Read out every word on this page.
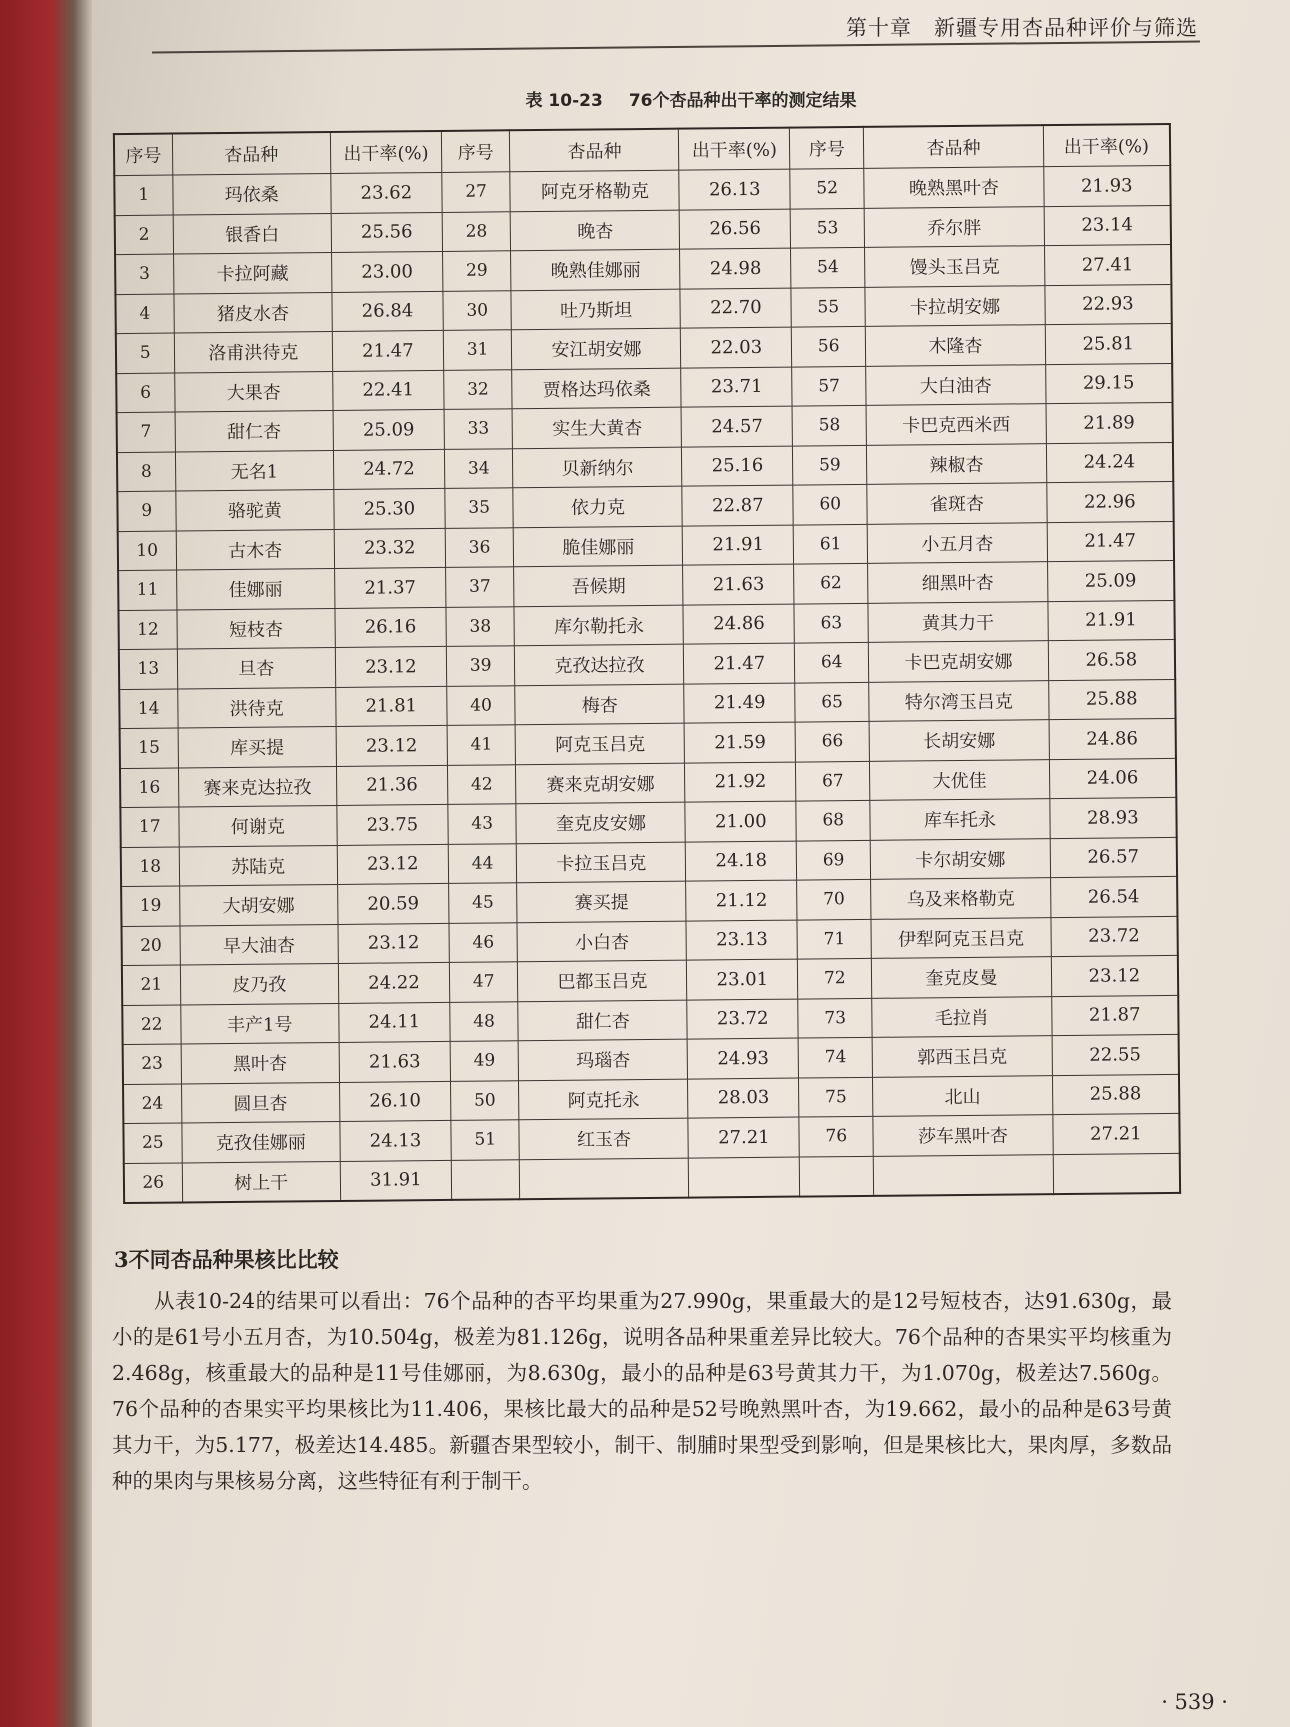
第十章　新疆专用杏品种评价与筛选
表 10-23 76个杏品种出干率的测定结果
序号	杏品种	出干率(%)	序号	杏品种	出干率(%)	序号	杏品种	出干率(%)
1	玛依桑	23.62	27	阿克牙格勒克	26.13	52	晚熟黑叶杏	21.93
2	银香白	25.56	28	晚杏	26.56	53	乔尔胖	23.14
3	卡拉阿藏	23.00	29	晚熟佳娜丽	24.98	54	馒头玉吕克	27.41
4	猪皮水杏	26.84	30	吐乃斯坦	22.70	55	卡拉胡安娜	22.93
5	洛甫洪待克	21.47	31	安江胡安娜	22.03	56	木隆杏	25.81
6	大果杏	22.41	32	贾格达玛依桑	23.71	57	大白油杏	29.15
7	甜仁杏	25.09	33	实生大黄杏	24.57	58	卡巴克西米西	21.89
8	无名1	24.72	34	贝新纳尔	25.16	59	辣椒杏	24.24
9	骆驼黄	25.30	35	依力克	22.87	60	雀斑杏	22.96
10	古木杏	23.32	36	脆佳娜丽	21.91	61	小五月杏	21.47
11	佳娜丽	21.37	37	吾候期	21.63	62	细黑叶杏	25.09
12	短枝杏	26.16	38	库尔勒托永	24.86	63	黄其力干	21.91
13	旦杏	23.12	39	克孜达拉孜	21.47	64	卡巴克胡安娜	26.58
14	洪待克	21.81	40	梅杏	21.49	65	特尔湾玉吕克	25.88
15	库买提	23.12	41	阿克玉吕克	21.59	66	长胡安娜	24.86
16	赛来克达拉孜	21.36	42	赛来克胡安娜	21.92	67	大优佳	24.06
17	何谢克	23.75	43	奎克皮安娜	21.00	68	库车托永	28.93
18	苏陆克	23.12	44	卡拉玉吕克	24.18	69	卡尔胡安娜	26.57
19	大胡安娜	20.59	45	赛买提	21.12	70	乌及来格勒克	26.54
20	早大油杏	23.12	46	小白杏	23.13	71	伊犁阿克玉吕克	23.72
21	皮乃孜	24.22	47	巴都玉吕克	23.01	72	奎克皮曼	23.12
22	丰产1号	24.11	48	甜仁杏	23.72	73	毛拉肖	21.87
23	黑叶杏	21.63	49	玛瑙杏	24.93	74	郭西玉吕克	22.55
24	圆旦杏	26.10	50	阿克托永	28.03	75	北山	25.88
25	克孜佳娜丽	24.13	51	红玉杏	27.21	76	莎车黑叶杏	27.21
26	树上干	31.91						
3不同杏品种果核比比较

从表10-24的结果可以看出：76个品种的杏平均果重为27.990g，果重最大的是12号短枝杏，达91.630g，最小的是61号小五月杏，为10.504g，极差为81.126g，说明各品种果重差异比较大。76个品种的杏果实平均核重为2.468g，核重最大的品种是11号佳娜丽，为8.630g，最小的品种是63号黄其力干，为1.070g，极差达7.560g。76个品种的杏果实平均果核比为11.406，果核比最大的品种是52号晚熟黑叶杏，为19.662，最小的品种是63号黄其力干，为5.177，极差达14.485。新疆杏果型较小，制干、制脯时果型受到影响，但是果核比大，果肉厚，多数品种的果肉与果核易分离，这些特征有利于制干。

· 539 ·
